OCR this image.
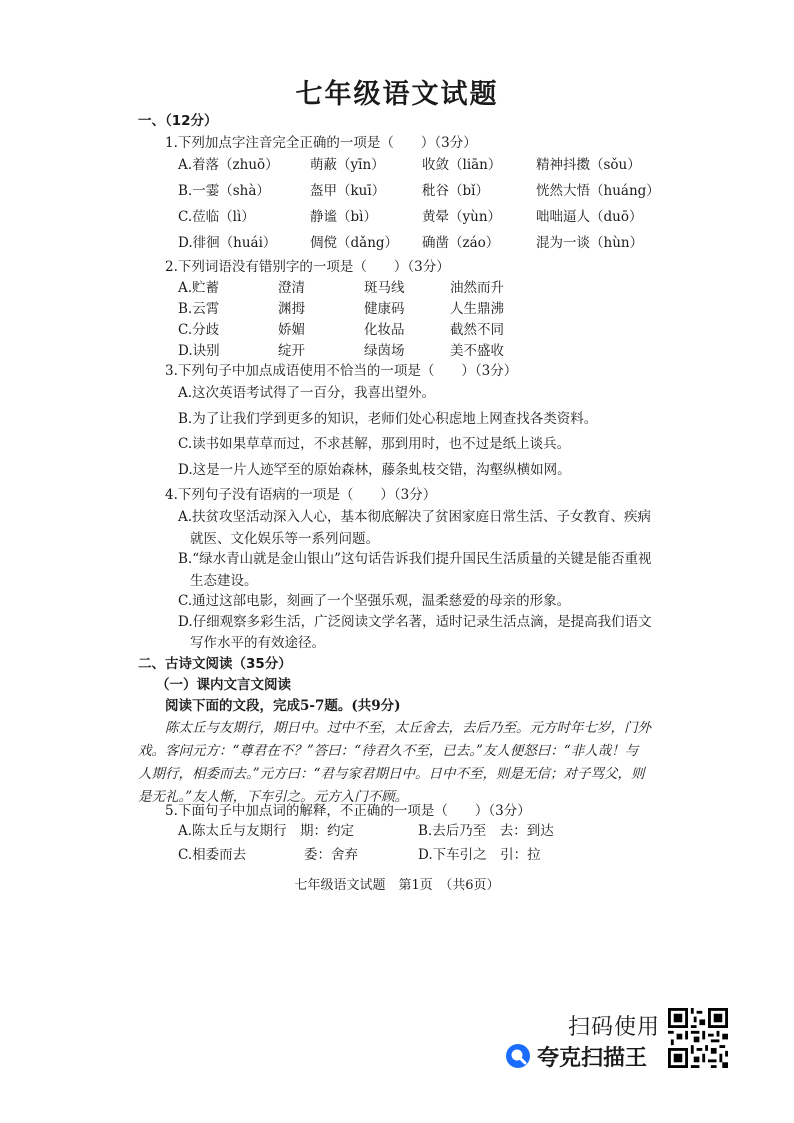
七年级语文试题
一、（12分）
1.下列加点字注音完全正确的一项是（　　）（3分）
A.着落（zhuō） 萌蔽（yīn）	收敛（liān）	精神抖擞（sǒu）
B.一霎（shà）	盔甲（kuī）	秕谷（bǐ）	恍然大悟（huáng）
C.莅临（lì）	静谧（bì）	黄晕（yùn）	咄咄逼人（duō）
D.徘徊（huái） 倜傥（dǎng） 确凿（záo）	混为一谈（hùn）
2.下列词语没有错别字的一项是（　　）（3分）
A.贮蓄	澄清	斑马线	油然而升
B.云霄	渊拇	健康码	人生鼎沸
C.分歧	娇媚	化妆品	截然不同
D.诀别	绽开	绿茵场	美不盛收
3.下列句子中加点成语使用不恰当的一项是（　　）（3分）
A.这次英语考试得了一百分，我喜出望外。
B.为了让我们学到更多的知识，老师们处心积虑地上网查找各类资料。
C.读书如果草草而过，不求甚解，那到用时，也不过是纸上谈兵。
D.这是一片人迹罕至的原始森林，藤条虬枝交错，沟壑纵横如网。
4.下列句子没有语病的一项是（　　）（3分）
A.扶贫攻坚活动深入人心，基本彻底解决了贫困家庭日常生活、子女教育、疾病
就医、文化娱乐等一系列问题。
B.“绿水青山就是金山银山”这句话告诉我们提升国民生活质量的关键是能否重视
生态建设。
C.通过这部电影，刻画了一个坚强乐观，温柔慈爱的母亲的形象。
D.仔细观察多彩生活，广泛阅读文学名著，适时记录生活点滴，是提高我们语文
写作水平的有效途径。
二、古诗文阅读（35分）
（一）课内文言文阅读
阅读下面的文段，完成5-7题。(共9分)
陈太丘与友期行，期日中。过中不至，太丘舍去，去后乃至。元方时年七岁，门外
戏。客问元方：“尊君在不？”答曰：“待君久不至，已去。”友人便怒曰：“非人哉！与
人期行，相委而去。”元方曰：“君与家君期日中。日中不至，则是无信；对子骂父，则
是无礼。”友人惭，下车引之。元方入门不顾。
5.下面句子中加点词的解释，不正确的一项是（　　）（3分）
A.陈太丘与友期行　期：约定	B.去后乃至　去：到达
C.相委而去	委：舍弃	D.下车引之　引：拉
七年级语文试题　第1页　（共6页）
扫码使用
夸克扫描王
